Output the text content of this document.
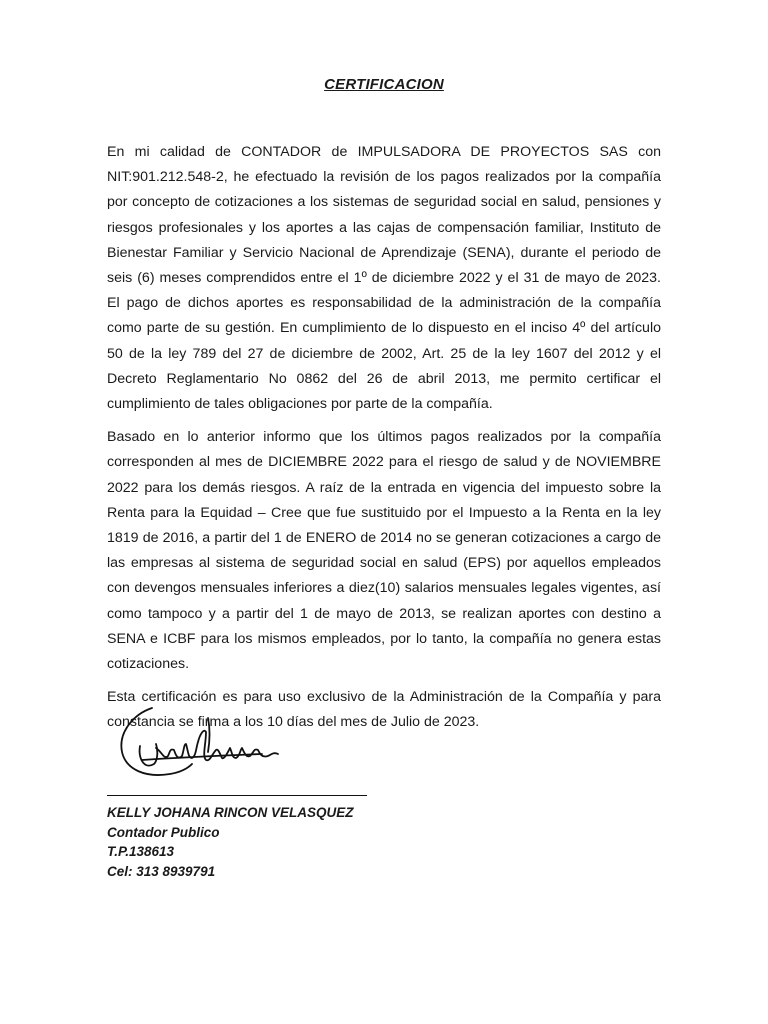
CERTIFICACION

En mi calidad de CONTADOR de IMPULSADORA DE PROYECTOS SAS con NIT:901.212.548-2, he efectuado la revisión de los pagos realizados por la compañía por concepto de cotizaciones a los sistemas de seguridad social en salud, pensiones y riesgos profesionales y los aportes a las cajas de compensación familiar, Instituto de Bienestar Familiar y Servicio Nacional de Aprendizaje (SENA), durante el periodo de seis (6) meses comprendidos entre el 1º de diciembre 2022 y el 31 de mayo de 2023. El pago de dichos aportes es responsabilidad de la administración de la compañía como parte de su gestión. En cumplimiento de lo dispuesto en el inciso 4º del artículo 50 de la ley 789 del 27 de diciembre de 2002, Art. 25 de la ley 1607 del 2012 y el Decreto Reglamentario No 0862 del 26 de abril 2013, me permito certificar el cumplimiento de tales obligaciones por parte de la compañía.

Basado en lo anterior informo que los últimos pagos realizados por la compañía corresponden al mes de DICIEMBRE 2022 para el riesgo de salud y de NOVIEMBRE 2022 para los demás riesgos. A raíz de la entrada en vigencia del impuesto sobre la Renta para la Equidad – Cree que fue sustituido por el Impuesto a la Renta en la ley 1819 de 2016, a partir del 1 de ENERO de 2014 no se generan cotizaciones a cargo de las empresas al sistema de seguridad social en salud (EPS) por aquellos empleados con devengos mensuales inferiores a diez(10) salarios mensuales legales vigentes, así como tampoco y a partir del 1 de mayo de 2013, se realizan aportes con destino a SENA e ICBF para los mismos empleados, por lo tanto, la compañía no genera estas cotizaciones.

Esta certificación es para uso exclusivo de la Administración de la Compañía y para constancia se firma a los 10 días del mes de Julio de 2023.

KELLY JOHANA RINCON VELASQUEZ
Contador Publico
T.P.138613
Cel: 313 8939791
